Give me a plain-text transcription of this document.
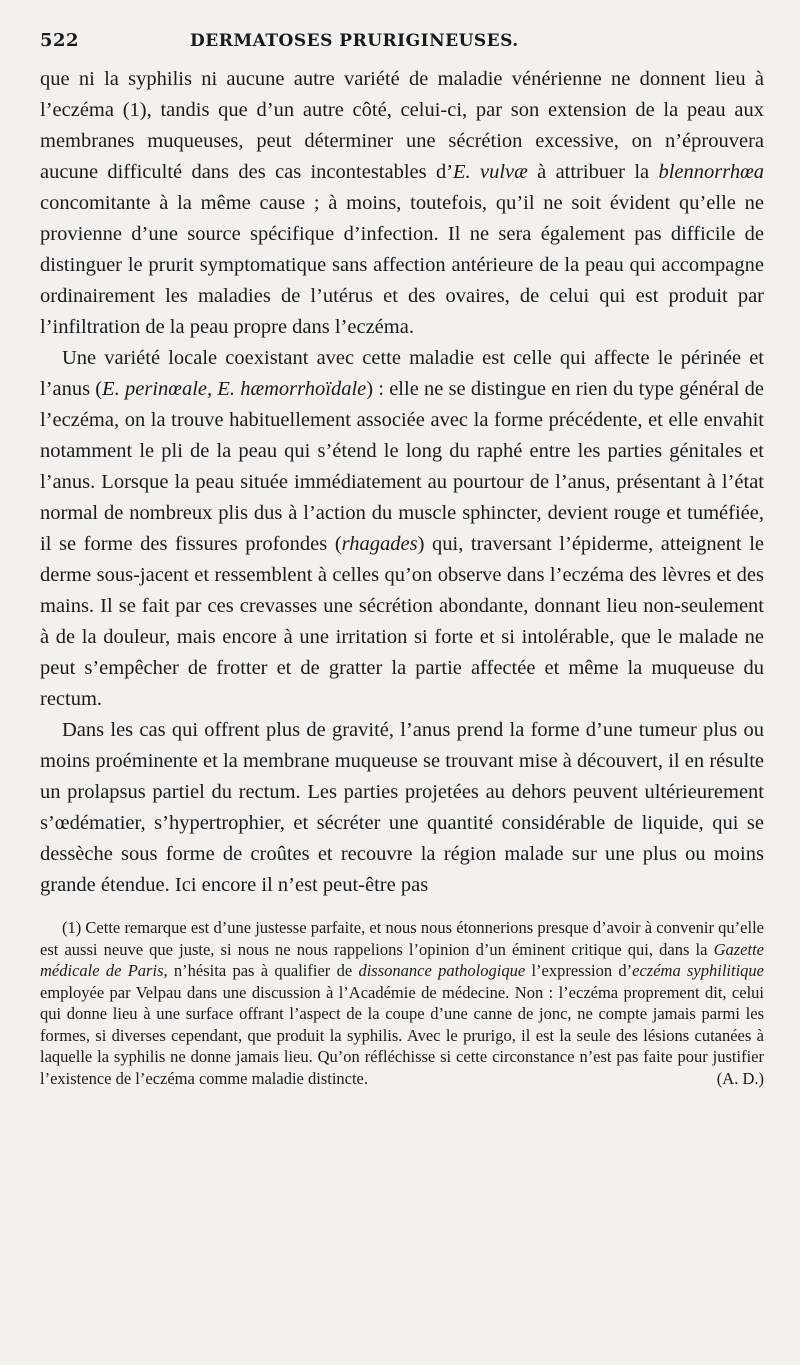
522	DERMATOSES PRURIGINEUSES.

que ni la syphilis ni aucune autre variété de maladie vénérienne ne donnent lieu à l’eczéma (1), tandis que d’un autre côté, celui-ci, par son extension de la peau aux membranes muqueuses, peut déterminer une sécrétion excessive, on n’éprouvera aucune difficulté dans des cas incontestables d’E. vulvæ à attribuer la blennorrhœa concomitante à la même cause ; à moins, toutefois, qu’il ne soit évident qu’elle ne provienne d’une source spécifique d’infection. Il ne sera également pas difficile de distinguer le prurit symptomatique sans affection antérieure de la peau qui accompagne ordinairement les maladies de l’utérus et des ovaires, de celui qui est produit par l’infiltration de la peau propre dans l’eczéma.

Une variété locale coexistant avec cette maladie est celle qui affecte le périnée et l’anus (E. perinœale, E. hæmorrhoïdale) : elle ne se distingue en rien du type général de l’eczéma, on la trouve habituellement associée avec la forme précédente, et elle envahit notamment le pli de la peau qui s’étend le long du raphé entre les parties génitales et l’anus. Lorsque la peau située immédiatement au pourtour de l’anus, présentant à l’état normal de nombreux plis dus à l’action du muscle sphincter, devient rouge et tuméfiée, il se forme des fissures profondes (rhagades) qui, traversant l’épiderme, atteignent le derme sous-jacent et ressemblent à celles qu’on observe dans l’eczéma des lèvres et des mains. Il se fait par ces crevasses une sécrétion abondante, donnant lieu non-seulement à de la douleur, mais encore à une irritation si forte et si intolérable, que le malade ne peut s’empêcher de frotter et de gratter la partie affectée et même la muqueuse du rectum.

Dans les cas qui offrent plus de gravité, l’anus prend la forme d’une tumeur plus ou moins proéminente et la membrane muqueuse se trouvant mise à découvert, il en résulte un prolapsus partiel du rectum. Les parties projetées au dehors peuvent ultérieurement s’œdématier, s’hypertrophier, et sécréter une quantité considérable de liquide, qui se dessèche sous forme de croûtes et recouvre la région malade sur une plus ou moins grande étendue. Ici encore il n’est peut-être pas

(1) Cette remarque est d’une justesse parfaite, et nous nous étonnerions presque d’avoir à convenir qu’elle est aussi neuve que juste, si nous ne nous rappelions l’opinion d’un éminent critique qui, dans la Gazette médicale de Paris, n’hésita pas à qualifier de dissonance pathologique l’expression d’eczéma syphilitique employée par Velpau dans une discussion à l’Académie de médecine. Non : l’eczéma proprement dit, celui qui donne lieu à une surface offrant l’aspect de la coupe d’une canne de jonc, ne compte jamais parmi les formes, si diverses cependant, que produit la syphilis. Avec le prurigo, il est la seule des lésions cutanées à laquelle la syphilis ne donne jamais lieu. Qu’on réfléchisse si cette circonstance n’est pas faite pour justifier l’existence de l’eczéma comme maladie distincte.	(A. D.)
